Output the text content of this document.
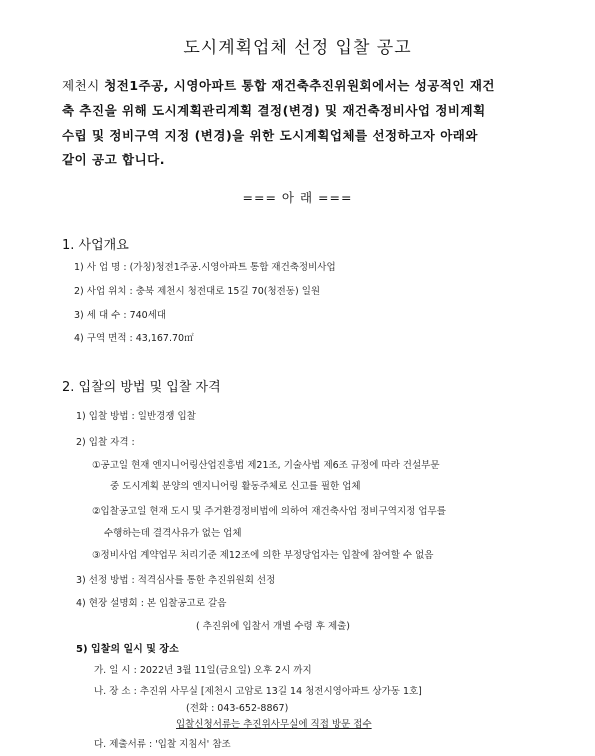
도시계획업체 선정 입찰 공고
제천시 청전1주공, 시영아파트 통합 재건축추진위원회에서는 성공적인 재건
축 추진을 위해 도시계획관리계획 결정(변경) 및 재건축정비사업 정비계획
수립 및 정비구역 지정 (변경)을 위한 도시계획업체를 선정하고자 아래와
같이 공고 합니다.
=== 아 래 ===
1. 사업개요
1) 사 업 명 : (가칭)청전1주공.시영아파트 통합 재건축정비사업
2) 사업 위치 : 충북 제천시 청전대로 15길 70(청전동) 일원
3) 세 대 수 : 740세대
4) 구역 면적 : 43,167.70㎡
2. 입찰의 방법 및 입찰 자격
1) 입찰 방법 : 일반경쟁 입찰
2) 입찰 자격 :
①공고일 현재 엔지니어링산업진흥법 제21조, 기술사법 제6조 규정에 따라 건설부문
중 도시계획 분양의 엔지니어링 활동주체로 신고를 필한 업체
②입찰공고일 현재 도시 및 주거환경정비법에 의하여 재건축사업 정비구역지정 업무를
수행하는데 결격사유가 없는 업체
③정비사업 계약업무 처리기준 제12조에 의한 부정당업자는 입찰에 참여할 수 없음
3) 선정 방법 : 적격심사를 통한 추진위원회 선정
4) 현장 설명회 : 본 입찰공고로 갈음
( 추진위에 입찰서 개별 수령 후 제출)
5) 입찰의 일시 및 장소
가. 일 시 : 2022년 3월 11일(금요일) 오후 2시 까지
나. 장 소 : 추진위 사무실 [제천시 고암로 13길 14 청전시영아파트 상가동 1호]
(전화 : 043-652-8867)
입찰신청서류는 추진위사무실에 직접 방문 접수
다. 제출서류 : '입찰 지침서' 참조
